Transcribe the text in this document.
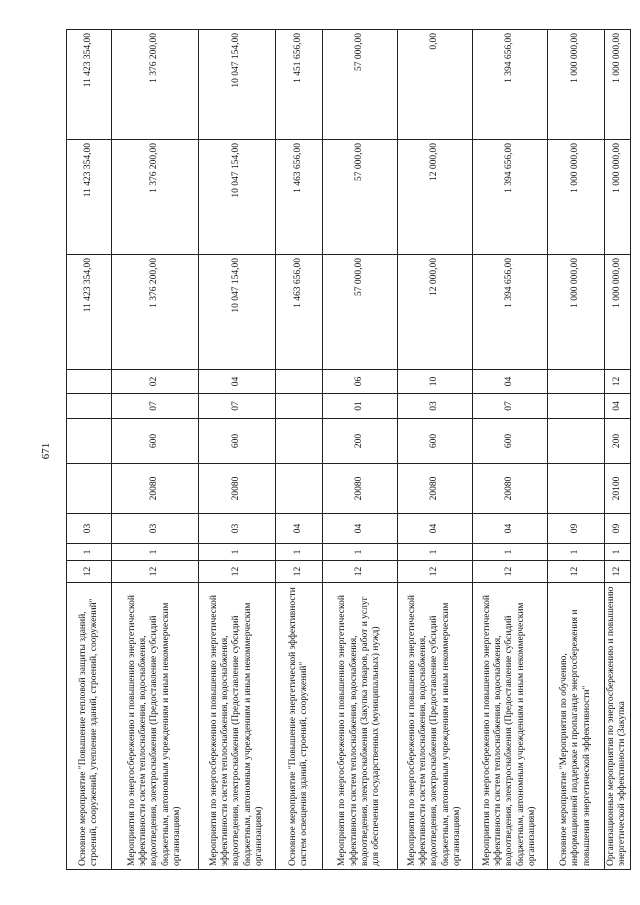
671
Основное мероприятие "Повышение тепловой защиты зданий, строений, сооружений, утепление зданий, строений, сооружений"	12	1	03					11 423 354,00	11 423 354,00	11 423 354,00
Мероприятия по энергосбережению и повышению энергетической эффективности систем теплоснабжения, водоснабжения, водоотведения, электроснабжения (Предоставление субсидий бюджетным, автономным учреждениям и иным некоммерческим организациям)	12	1	03	20080	600	07	02	1 376 200,00	1 376 200,00	1 376 200,00
Мероприятия по энергосбережению и повышению энергетической эффективности систем теплоснабжения, водоснабжения, водоотведения, электроснабжения (Предоставление субсидий бюджетным, автономным учреждениям и иным некоммерческим организациям)	12	1	03	20080	600	07	04	10 047 154,00	10 047 154,00	10 047 154,00
Основное мероприятие "Повышение энергетической эффективности систем освещения зданий, строений, сооружений"	12	1	04					1 463 656,00	1 463 656,00	1 451 656,00
Мероприятия по энергосбережению и повышению энергетической эффективности систем теплоснабжения, водоснабжения, водоотведения, электроснабжения (Закупка товаров, работ и услуг для обеспечения государственных (муниципальных) нужд)	12	1	04	20080	200	01	06	57 000,00	57 000,00	57 000,00
Мероприятия по энергосбережению и повышению энергетической эффективности систем теплоснабжения, водоснабжения, водоотведения, электроснабжения (Предоставление субсидий бюджетным, автономным учреждениям и иным некоммерческим организациям)	12	1	04	20080	600	03	10	12 000,00	12 000,00	0,00
Мероприятия по энергосбережению и повышению энергетической эффективности систем теплоснабжения, водоснабжения, водоотведения, электроснабжения (Предоставление субсидий бюджетным, автономным учреждениям и иным некоммерческим организациям)	12	1	04	20080	600	07	04	1 394 656,00	1 394 656,00	1 394 656,00
Основное мероприятие "Мероприятия по обучению, информационной поддержке и пропаганде энергосбережения и повышения энергетической эффективности"	12	1	09					1 000 000,00	1 000 000,00	1 000 000,00
Организационные мероприятия по энергосбережению и повышению энергетической эффективности (Закупка	12	1	09	20100	200	04	12	1 000 000,00	1 000 000,00	1 000 000,00
